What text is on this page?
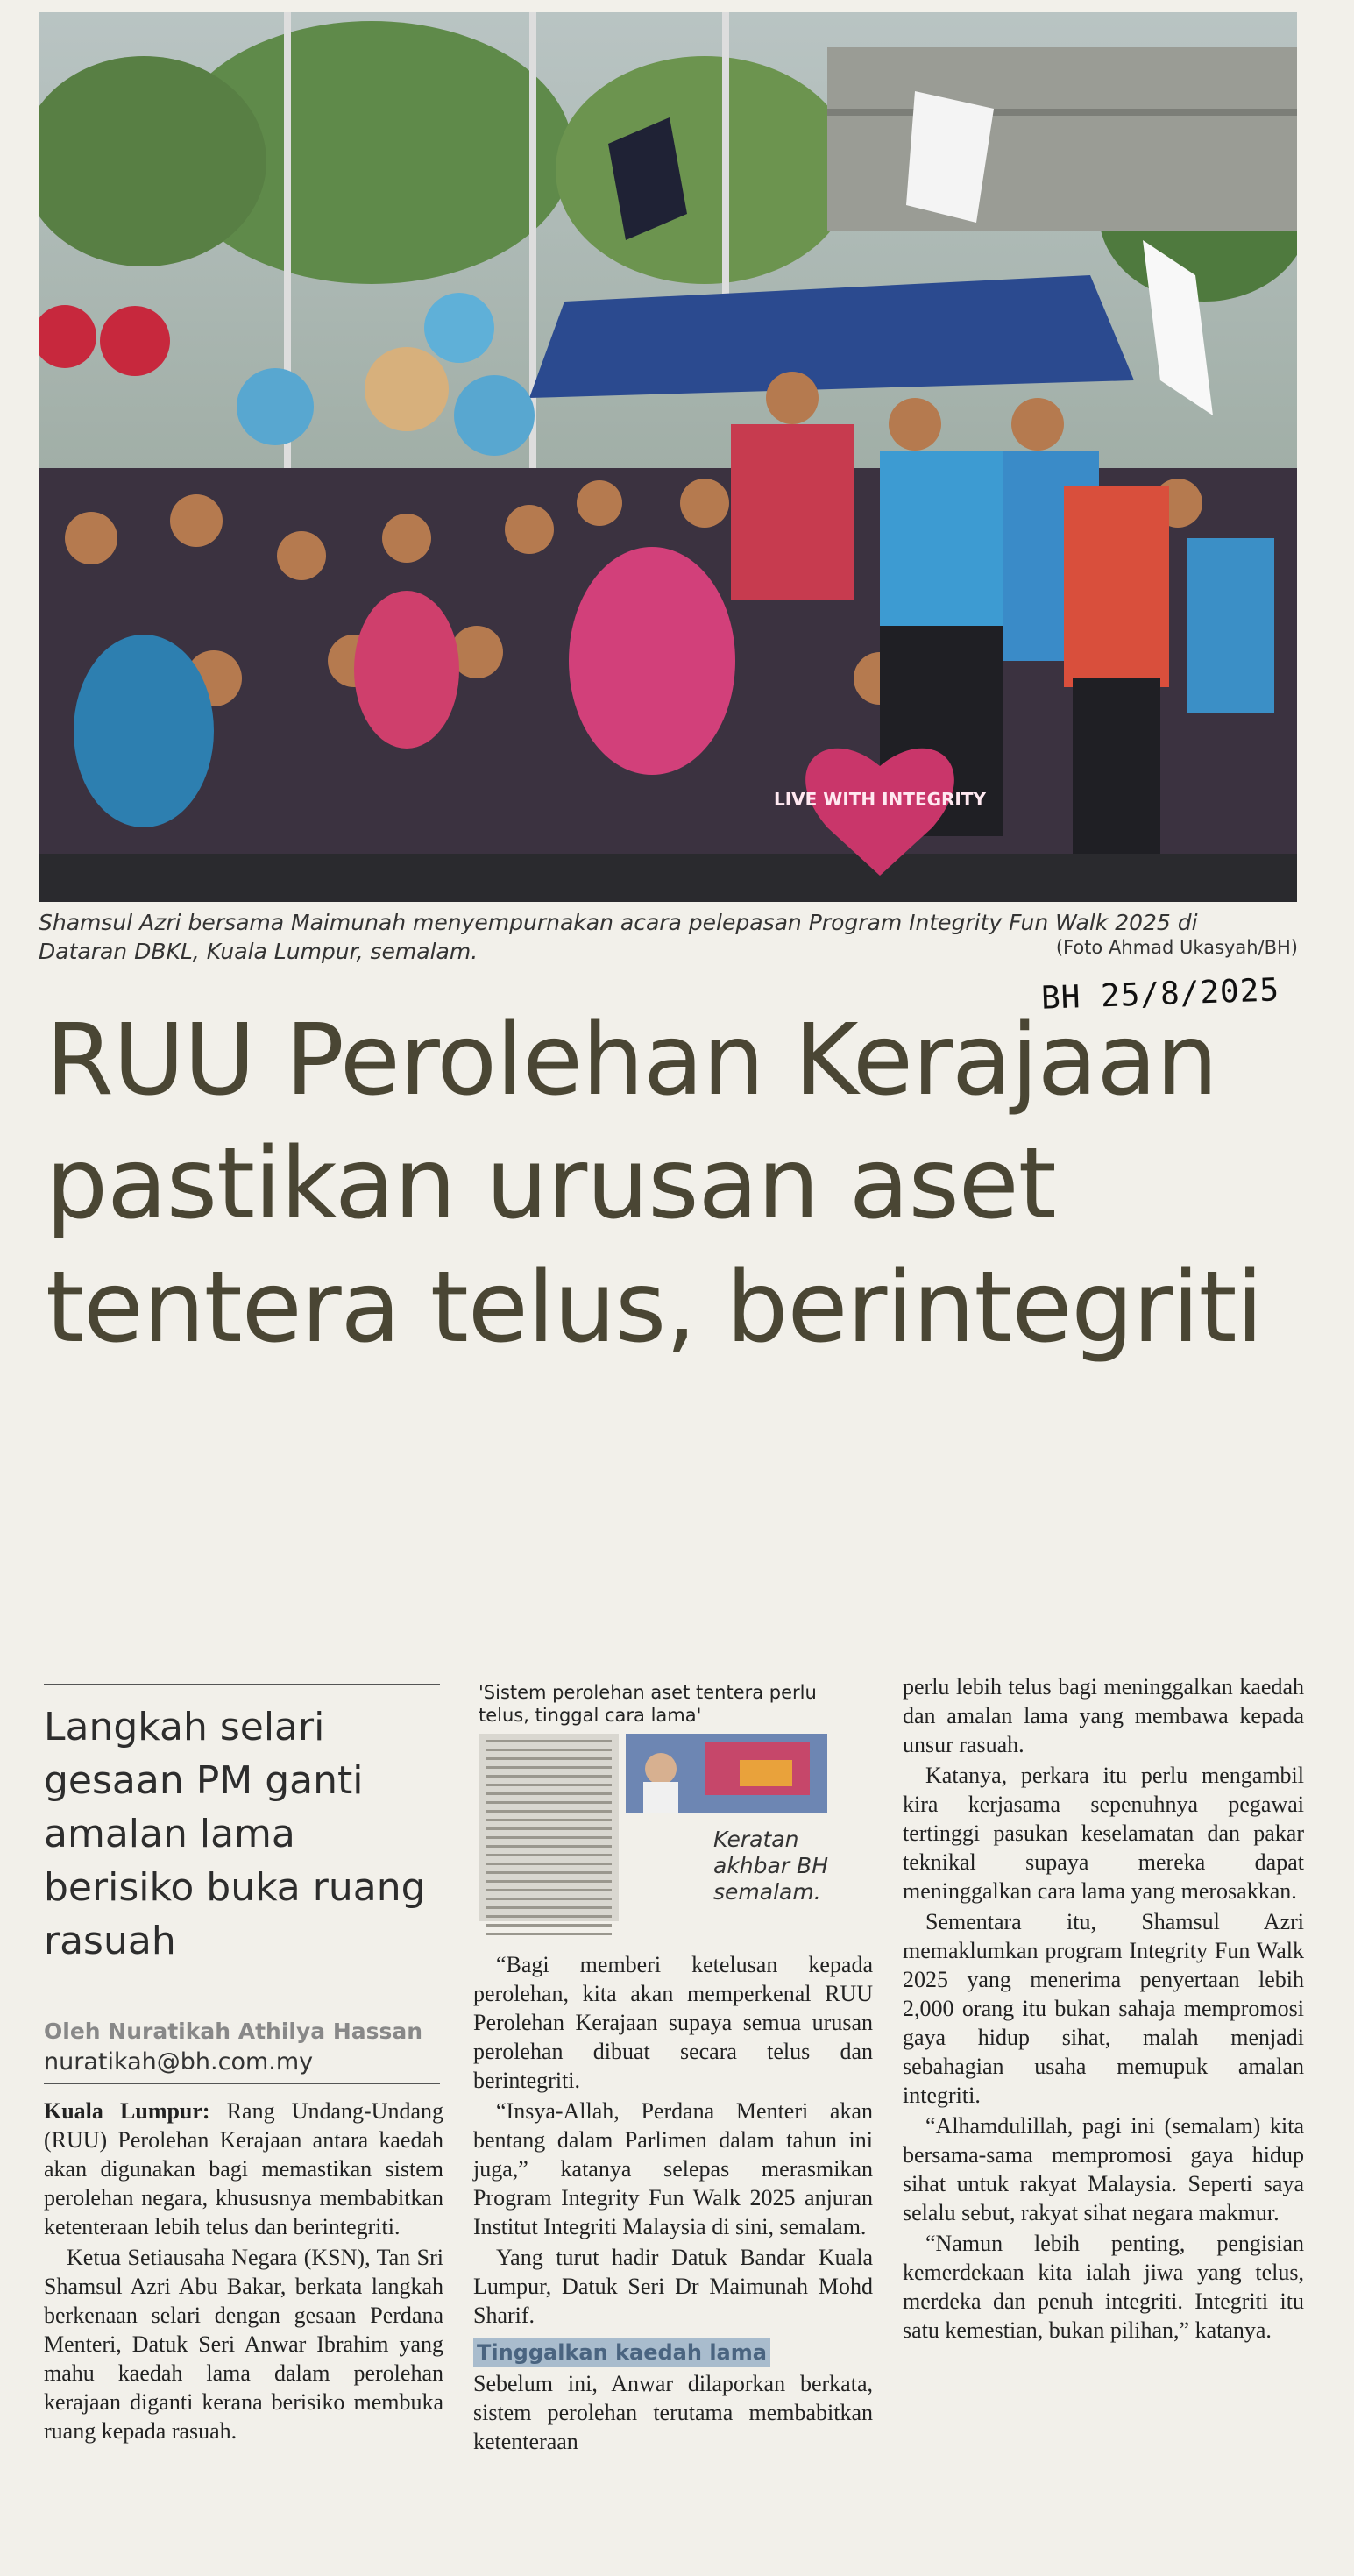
LIVE WITH INTEGRITY
Shamsul Azri bersama Maimunah menyempurnakan acara pelepasan Program Integrity Fun Walk 2025 di Dataran DBKL, Kuala Lumpur, semalam.	(Foto Ahmad Ukasyah/BH)
BH 25/8/2025
RUU Perolehan Kerajaan pastikan urusan aset tentera telus, berintegriti
Langkah selari gesaan PM ganti amalan lama berisiko buka ruang rasuah
Oleh Nuratikah Athilya Hassan
nuratikah@bh.com.my

Kuala Lumpur: Rang Undang-Undang (RUU) Perolehan Kerajaan antara kaedah akan digunakan bagi memastikan sistem perolehan negara, khususnya membabitkan ketenteraan lebih telus dan berintegriti.

Ketua Setiausaha Negara (KSN), Tan Sri Shamsul Azri Abu Bakar, berkata langkah berkenaan selari dengan gesaan Perdana Menteri, Datuk Seri Anwar Ibrahim yang mahu kaedah lama dalam perolehan kerajaan diganti kerana berisiko membuka ruang kepada rasuah.

'Sistem perolehan aset tentera perlu telus, tinggal cara lama'
Keratan akhbar BH semalam.

“Bagi memberi ketelusan kepada perolehan, kita akan memperkenal RUU Perolehan Kerajaan supaya semua urusan perolehan dibuat secara telus dan berintegriti.

“Insya-Allah, Perdana Menteri akan bentang dalam Parlimen dalam tahun ini juga,” katanya selepas merasmikan Program Integrity Fun Walk 2025 anjuran Institut Integriti Malaysia di sini, semalam.

Yang turut hadir Datuk Bandar Kuala Lumpur, Datuk Seri Dr Maimunah Mohd Sharif.

Tinggalkan kaedah lama

Sebelum ini, Anwar dilaporkan berkata, sistem perolehan terutama membabitkan ketenteraan

perlu lebih telus bagi meninggalkan kaedah dan amalan lama yang membawa kepada unsur rasuah.

Katanya, perkara itu perlu mengambil kira kerjasama sepenuhnya pegawai tertinggi pasukan keselamatan dan pakar teknikal supaya mereka dapat meninggalkan cara lama yang merosakkan.

Sementara itu, Shamsul Azri memaklumkan program Integrity Fun Walk 2025 yang menerima penyertaan lebih 2,000 orang itu bukan sahaja mempromosi gaya hidup sihat, malah menjadi sebahagian usaha memupuk amalan integriti.

“Alhamdulillah, pagi ini (semalam) kita bersama-sama mempromosi gaya hidup sihat untuk rakyat Malaysia. Seperti saya selalu sebut, rakyat sihat negara makmur.

“Namun lebih penting, pengisian kemerdekaan kita ialah jiwa yang telus, merdeka dan penuh integriti. Integriti itu satu kemestian, bukan pilihan,” katanya.
